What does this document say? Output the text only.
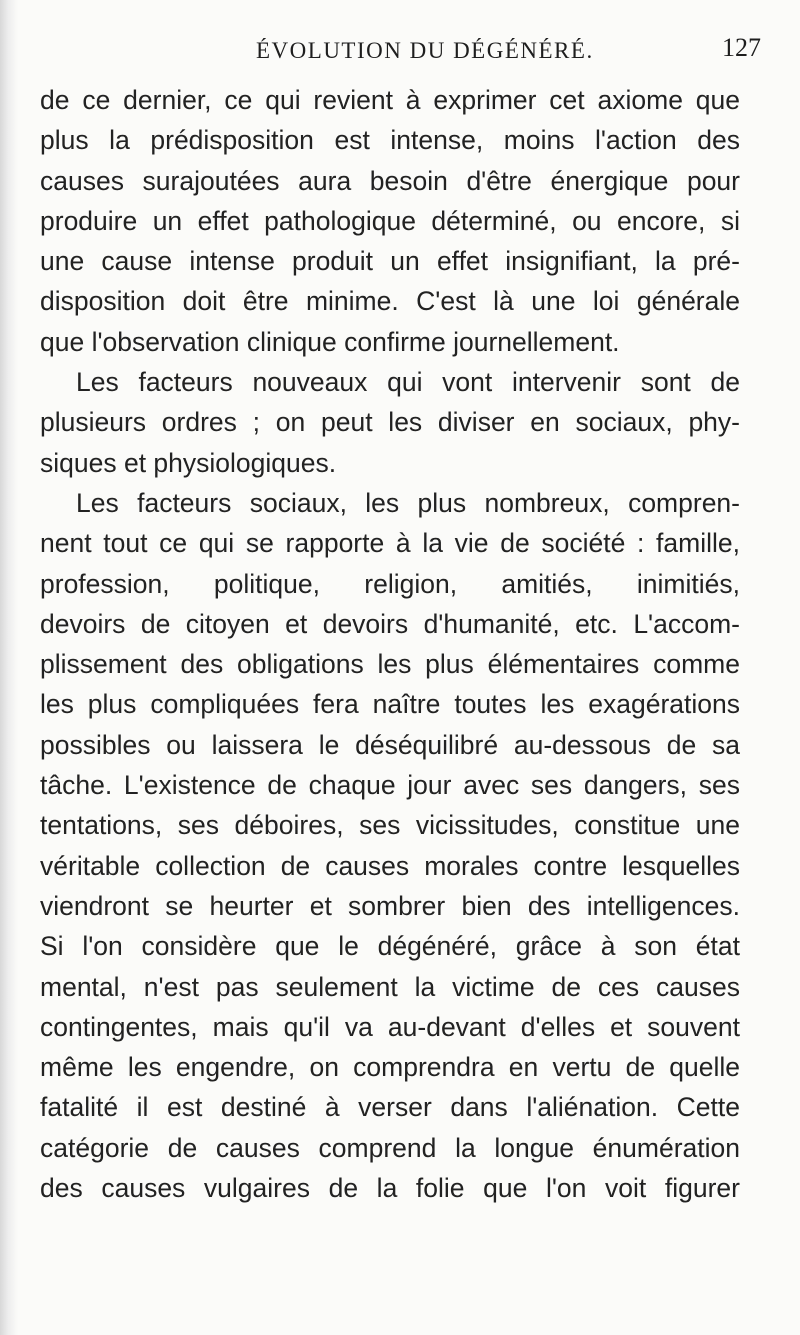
ÉVOLUTION DU DÉGÉNÉRÉ.	127
de ce dernier, ce qui revient à exprimer cet axiome que
plus la prédisposition est intense, moins l'action des
causes surajoutées aura besoin d'être énergique pour
produire un effet pathologique déterminé, ou encore, si
une cause intense produit un effet insignifiant, la pré-
disposition doit être minime. C'est là une loi générale
que l'observation clinique confirme journellement.
Les facteurs nouveaux qui vont intervenir sont de
plusieurs ordres ; on peut les diviser en sociaux, phy-
siques et physiologiques.
Les facteurs sociaux, les plus nombreux, compren-
nent tout ce qui se rapporte à la vie de société : famille,
profession, politique, religion, amitiés, inimitiés,
devoirs de citoyen et devoirs d'humanité, etc. L'accom-
plissement des obligations les plus élémentaires comme
les plus compliquées fera naître toutes les exagérations
possibles ou laissera le déséquilibré au-dessous de sa
tâche. L'existence de chaque jour avec ses dangers, ses
tentations, ses déboires, ses vicissitudes, constitue une
véritable collection de causes morales contre lesquelles
viendront se heurter et sombrer bien des intelligences.
Si l'on considère que le dégénéré, grâce à son état
mental, n'est pas seulement la victime de ces causes
contingentes, mais qu'il va au-devant d'elles et souvent
même les engendre, on comprendra en vertu de quelle
fatalité il est destiné à verser dans l'aliénation. Cette
catégorie de causes comprend la longue énumération
des causes vulgaires de la folie que l'on voit figurer
